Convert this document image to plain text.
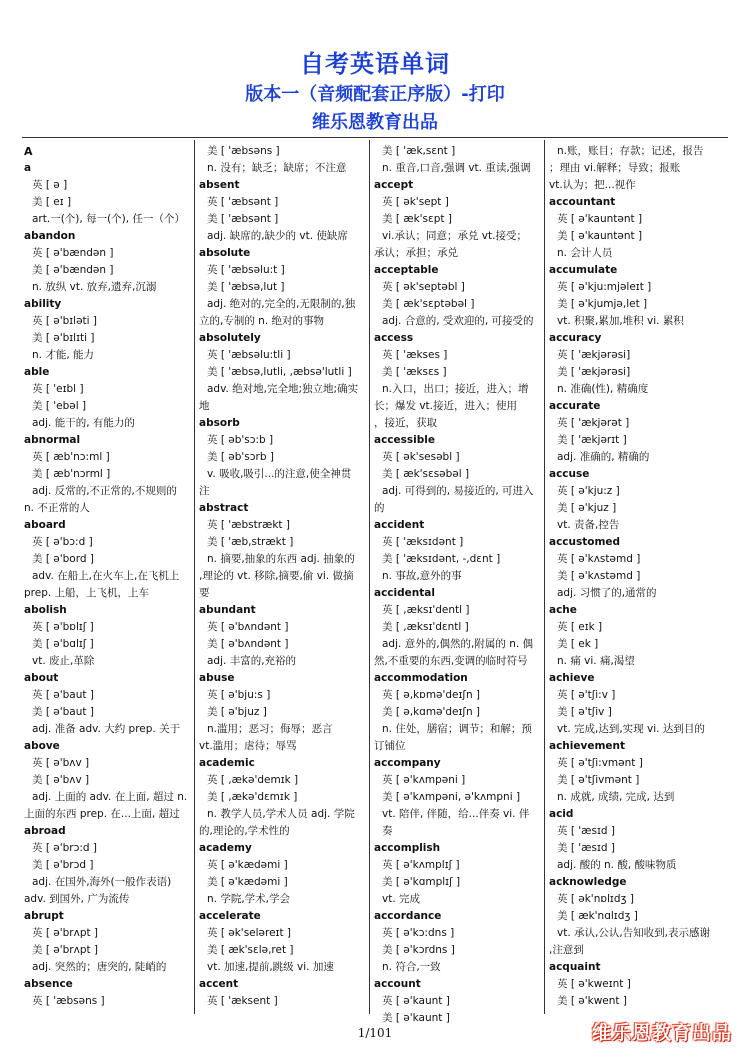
自考英语单词
版本一（音频配套正序版）-打印
维乐恩教育出品
A
a
英 [ ə ]
美 [ eɪ ]
art.一(个), 每一(个), 任一（个）
abandon
英 [ ə'bændən ]
美 [ ə'bændən ]
n. 放纵 vt. 放弃,遗弃,沉溺
ability
英 [ ə'bɪləti ]
美 [ ə'bɪlɪti ]
n. 才能, 能力
able
英 [ 'eɪbl ]
美 [ 'ebəl ]
adj. 能干的, 有能力的
abnormal
英 [ æb'nɔ:ml ]
美 [ æb'nɔrml ]
adj. 反常的,不正常的,不规则的
n. 不正常的人
aboard
英 [ ə'bɔ:d ]
美 [ ə'bord ]
adv. 在船上,在火车上,在飞机上
prep. 上船，上飞机，上车
abolish
英 [ ə'bɒlɪʃ ]
美 [ ə'bɑlɪʃ ]
vt. 废止,革除
about
英 [ ə'baut ]
美 [ ə'baut ]
adj. 准备 adv. 大约 prep. 关于
above
英 [ ə'bʌv ]
美 [ ə'bʌv ]
adj. 上面的 adv. 在上面, 超过 n.
上面的东西 prep. 在...上面, 超过
abroad
英 [ ə'brɔ:d ]
美 [ ə'brɔd ]
adj. 在国外,海外(一般作表语)
adv. 到国外, 广为流传
abrupt
英 [ ə'brʌpt ]
美 [ ə'brʌpt ]
adj. 突然的；唐突的, 陡峭的
absence
英 [ 'æbsəns ]
美 [ 'æbsəns ]
n. 没有；缺乏；缺席；不注意
absent
英 [ 'æbsənt ]
美 [ 'æbsənt ]
adj. 缺席的,缺少的 vt. 使缺席
absolute
英 [ 'æbsəlu:t ]
美 [ 'æbsə,lut ]
adj. 绝对的,完全的,无限制的,独
立的,专制的 n. 绝对的事物
absolutely
英 [ 'æbsəlu:tli ]
美 [ 'æbsə,lutli, ,æbsə'lutli ]
adv. 绝对地,完全地;独立地;确实
地
absorb
英 [ əb'sɔ:b ]
美 [ əb'sɔrb ]
v. 吸收,吸引...的注意,使全神贯
注
abstract
英 [ 'æbstrækt ]
美 [ 'æb,strækt ]
n. 摘要,抽象的东西 adj. 抽象的
,理论的 vt. 移除,摘要,偷 vi. 做摘
要
abundant
英 [ ə'bʌndənt ]
美 [ ə'bʌndənt ]
adj. 丰富的,充裕的
abuse
英 [ ə'bju:s ]
美 [ ə'bjuz ]
n.滥用；恶习；侮辱；恶言
vt.滥用；虐待；辱骂
academic
英 [ ,ækə'demɪk ]
美 [ ,ækə'dɛmɪk ]
n. 教学人员,学术人员 adj. 学院
的,理论的,学术性的
academy
英 [ ə'kædəmi ]
美 [ ə'kædəmi ]
n. 学院,学术,学会
accelerate
英 [ ək'seləreɪt ]
美 [ æk'sɛlə,ret ]
vt. 加速,提前,跳级 vi. 加速
accent
英 [ 'æksent ]
美 [ 'æk,sɛnt ]
n. 重音,口音,强调 vt. 重读,强调
accept
英 [ ək'sept ]
美 [ æk'sɛpt ]
vi.承认；同意；承兑 vt.接受；
承认；承担；承兑
acceptable
英 [ ək'septəbl ]
美 [ æk'sɛptəbəl ]
adj. 合意的, 受欢迎的, 可接受的
access
英 [ 'ækses ]
美 [ 'æksɛs ]
n.入口，出口；接近，进入；增
长；爆发 vt.接近，进入；使用
，接近，获取
accessible
英 [ ək'sesəbl ]
美 [ æk'sɛsəbəl ]
adj. 可得到的, 易接近的, 可进入
的
accident
英 [ 'æksɪdənt ]
美 [ 'æksɪdənt, -,dɛnt ]
n. 事故,意外的事
accidental
英 [ ,æksɪ'dentl ]
美 [ ,æksɪ'dɛntl ]
adj. 意外的,偶然的,附属的 n. 偶
然,不重要的东西,变调的临时符号
accommodation
英 [ ə,kɒmə'deɪʃn ]
美 [ ə,kɑmə'deɪʃn ]
n. 住处，膳宿；调节；和解；预
订铺位
accompany
英 [ ə'kʌmpəni ]
美 [ ə'kʌmpəni, ə'kʌmpni ]
vt. 陪伴, 伴随，给...伴奏 vi. 伴奏
accomplish
英 [ ə'kʌmplɪʃ ]
美 [ ə'kɑmplɪʃ ]
vt. 完成
accordance
英 [ ə'kɔ:dns ]
美 [ ə'kɔrdns ]
n. 符合,一致
account
英 [ ə'kaunt ]
美 [ ə'kaunt ]
n.账，账目；存款；记述，报告
；理由 vi.解释；导致；报账
vt.认为；把...视作
accountant
英 [ ə'kauntənt ]
美 [ ə'kauntənt ]
n. 会计人员
accumulate
英 [ ə'kju:mjəleɪt ]
美 [ ə'kjumjə,let ]
vt. 积聚,累加,堆积 vi. 累积
accuracy
英 [ 'ækjərəsi]
美 [ 'ækjərəsi]
n. 准确(性), 精确度
accurate
英 [ 'ækjərət ]
美 [ 'ækjərɪt ]
adj. 准确的, 精确的
accuse
英 [ ə'kju:z ]
美 [ ə'kjuz ]
vt. 责备,控告
accustomed
英 [ ə'kʌstəmd ]
美 [ ə'kʌstəmd ]
adj. 习惯了的,通常的
ache
英 [ eɪk ]
美 [ ek ]
n. 痛 vi. 痛,渴望
achieve
英 [ ə'tʃi:v ]
美 [ ə'tʃiv ]
vt. 完成,达到,实现 vi. 达到目的
achievement
英 [ ə'tʃi:vmənt ]
美 [ ə'tʃivmənt ]
n. 成就, 成绩, 完成, 达到
acid
英 [ 'æsɪd ]
美 [ 'æsɪd ]
adj. 酸的 n. 酸, 酸味物质
acknowledge
英 [ ək'nɒlɪdʒ ]
美 [ æk'nɑlɪdʒ ]
vt. 承认,公认,告知收到,表示感谢
,注意到
acquaint
英 [ ə'kweɪnt ]
美 [ ə'kwent ]
1/101	维乐恩教育出品
